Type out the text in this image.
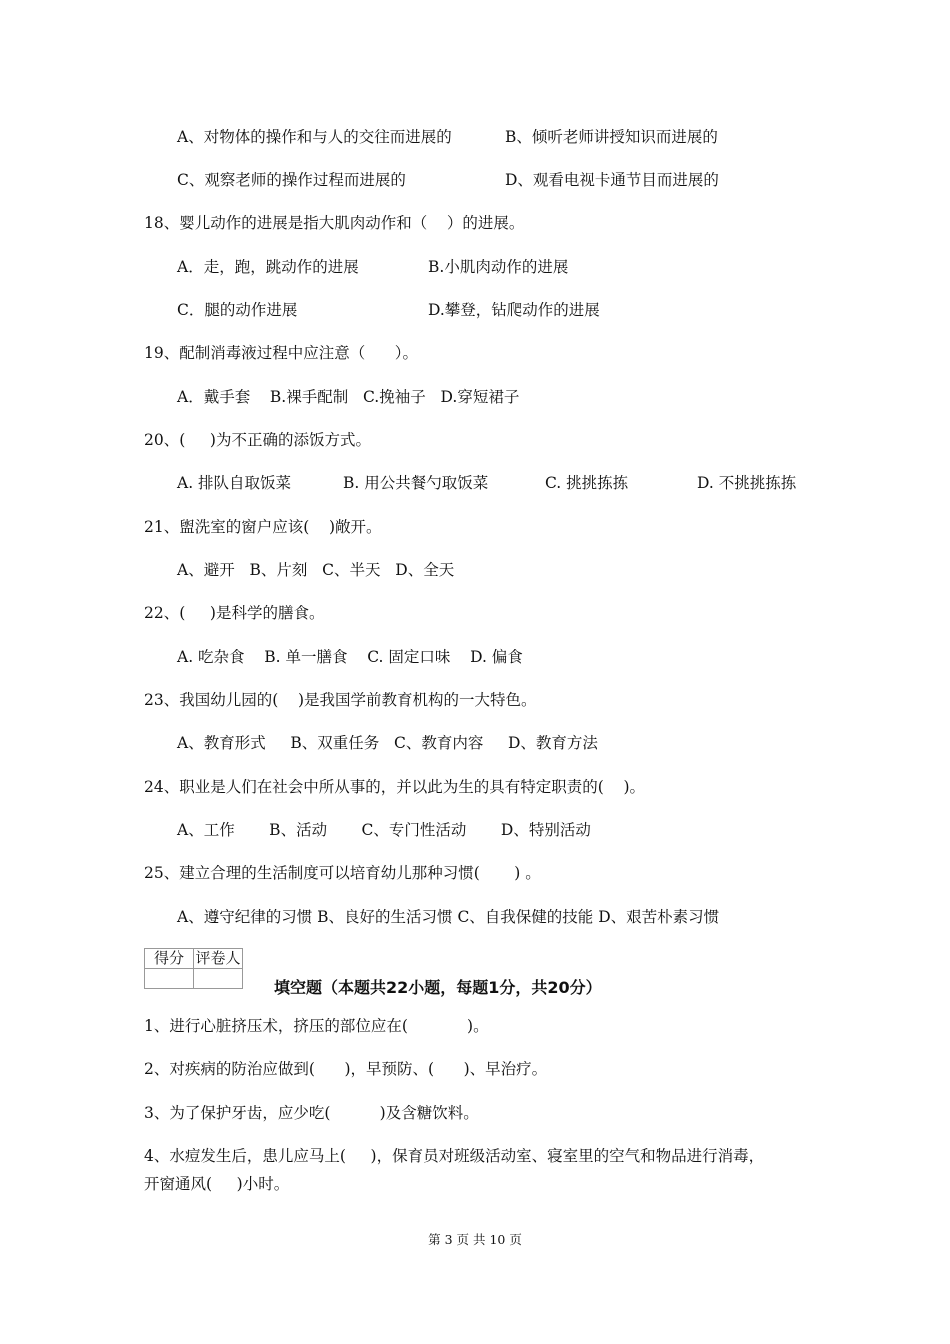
A、对物体的操作和与人的交往而进展的	B、倾听老师讲授知识而进展的
C、观察老师的操作过程而进展的	D、观看电视卡通节目而进展的
18、婴儿动作的进展是指大肌肉动作和（    ）的进展。
A．走，跑，跳动作的进展	B.小肌肉动作的进展
C．腿的动作进展	D.攀登，钻爬动作的进展
19、配制消毒液过程中应注意（      ）。
A．戴手套    B.裸手配制   C.挽袖子   D.穿短裙子
20、(     )为不正确的添饭方式。
A. 排队自取饭菜	B. 用公共餐勺取饭菜	C. 挑挑拣拣	D. 不挑挑拣拣
21、盥洗室的窗户应该(    )敞开。
A、避开   B、片刻   C、半天   D、全天
22、(     )是科学的膳食。
A. 吃杂食    B. 单一膳食    C. 固定口味    D. 偏食
23、我国幼儿园的(    )是我国学前教育机构的一大特色。
A、教育形式     B、双重任务   C、教育内容     D、教育方法
24、职业是人们在社会中所从事的，并以此为生的具有特定职责的(    )。
A、工作       B、活动       C、专门性活动       D、特别活动
25、建立合理的生活制度可以培育幼儿那种习惯(       ) 。
A、遵守纪律的习惯 B、良好的生活习惯 C、自我保健的技能 D、艰苦朴素习惯
得分	评卷人

填空题（本题共22小题，每题1分，共20分）
1、进行心脏挤压术，挤压的部位应在(            )。
2、对疾病的防治应做到(      )，早预防、(      )、早治疗。
3、为了保护牙齿，应少吃(          )及含糖饮料。
4、水痘发生后，患儿应马上(     )，保育员对班级活动室、寝室里的空气和物品进行消毒，
开窗通风(     )小时。
第 3 页 共 10 页
